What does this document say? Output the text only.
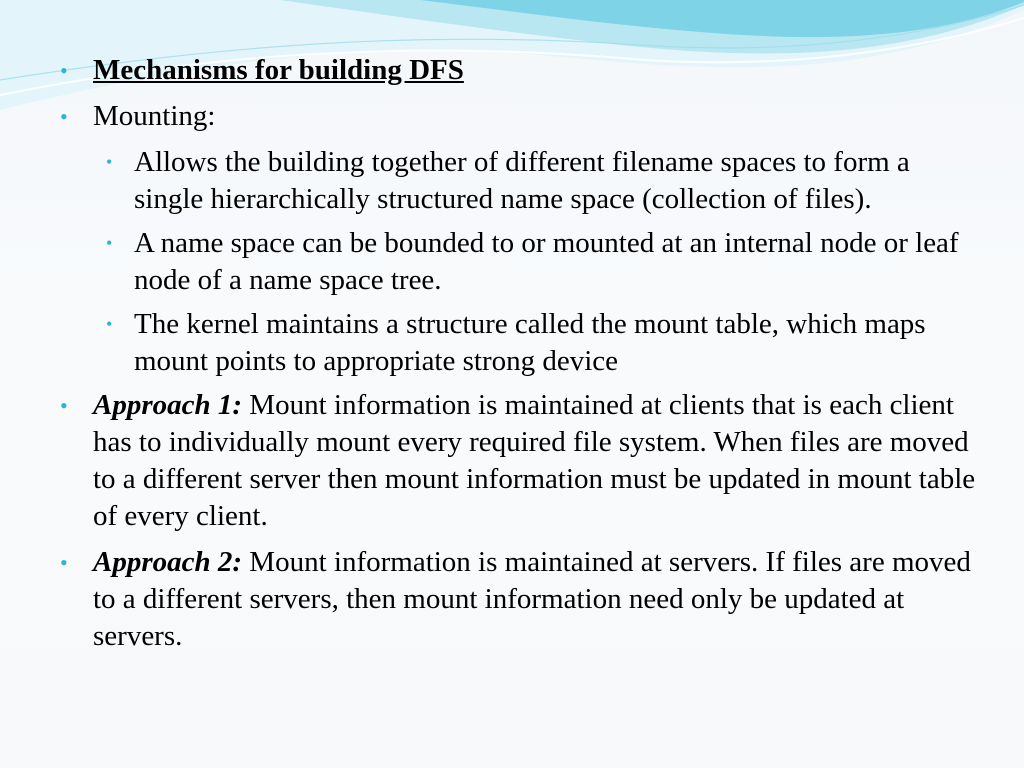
• Mechanisms for building DFS
• Mounting:
• Allows the building together of different filename spaces to form a single hierarchically structured name space (collection of files).
• A name space can be bounded to or mounted at an internal node or leaf node of a name space tree.
• The kernel maintains a structure called the mount table, which maps mount points to appropriate strong device
• Approach 1: Mount information is maintained at clients that is each client has to individually mount every required file system. When files are moved to a different server then mount information must be updated in mount table of every client.
• Approach 2: Mount information is maintained at servers. If files are moved to a different servers, then mount information need only be updated at servers.
